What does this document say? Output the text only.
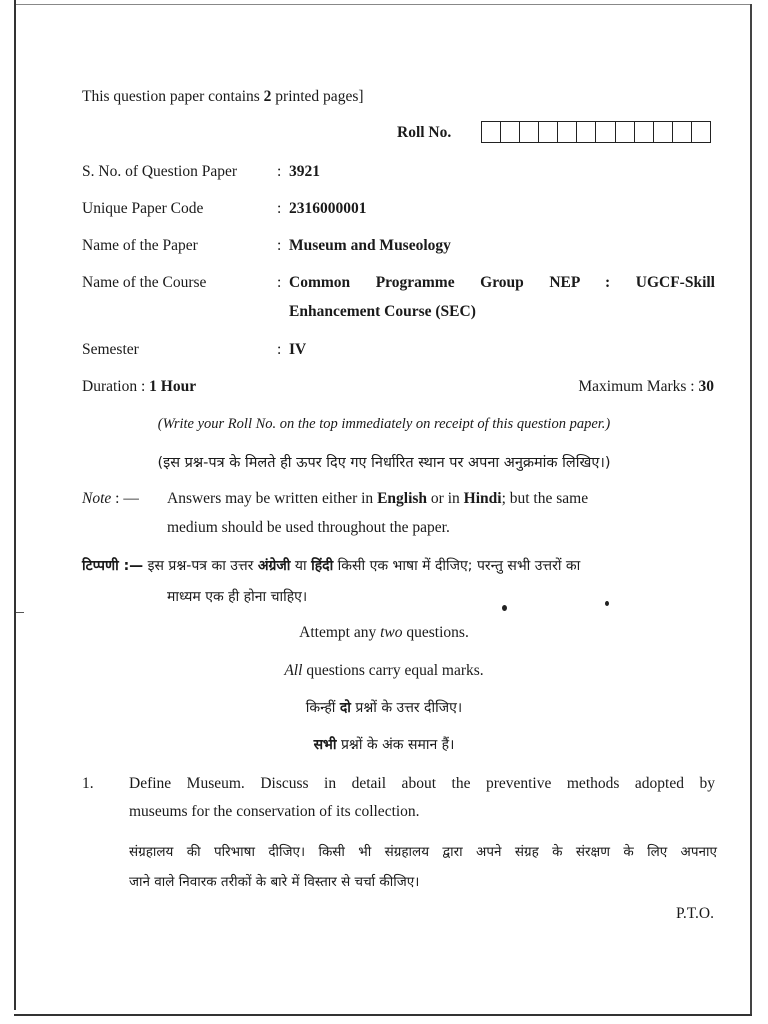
This question paper contains 2 printed pages]
Roll No.
S. No. of Question Paper	: 3921
Unique Paper Code	: 2316000001
Name of the Paper	: Museum and Museology
Name of the Course	: Common Programme Group NEP : UGCF-Skill
Enhancement Course (SEC)
Semester	: IV
Duration : 1 Hour	Maximum Marks : 30
(Write your Roll No. on the top immediately on receipt of this question paper.)
(इस प्रश्न-पत्र के मिलते ही ऊपर दिए गए निर्धारित स्थान पर अपना अनुक्रमांक लिखिए।)
Note : — Answers may be written either in English or in Hindi; but the same
medium should be used throughout the paper.
टिप्पणी :— इस प्रश्न-पत्र का उत्तर अंग्रेजी या हिंदी किसी एक भाषा में दीजिए; परन्तु सभी उत्तरों का
माध्यम एक ही होना चाहिए।
Attempt any two questions.
All questions carry equal marks.
किन्हीं दो प्रश्नों के उत्तर दीजिए।
सभी प्रश्नों के अंक समान हैं।
1. Define Museum. Discuss in detail about the preventive methods adopted by
museums for the conservation of its collection.
संग्रहालय की परिभाषा दीजिए। किसी भी संग्रहालय द्वारा अपने संग्रह के संरक्षण के लिए अपनाए
जाने वाले निवारक तरीकों के बारे में विस्तार से चर्चा कीजिए।
P.T.O.
